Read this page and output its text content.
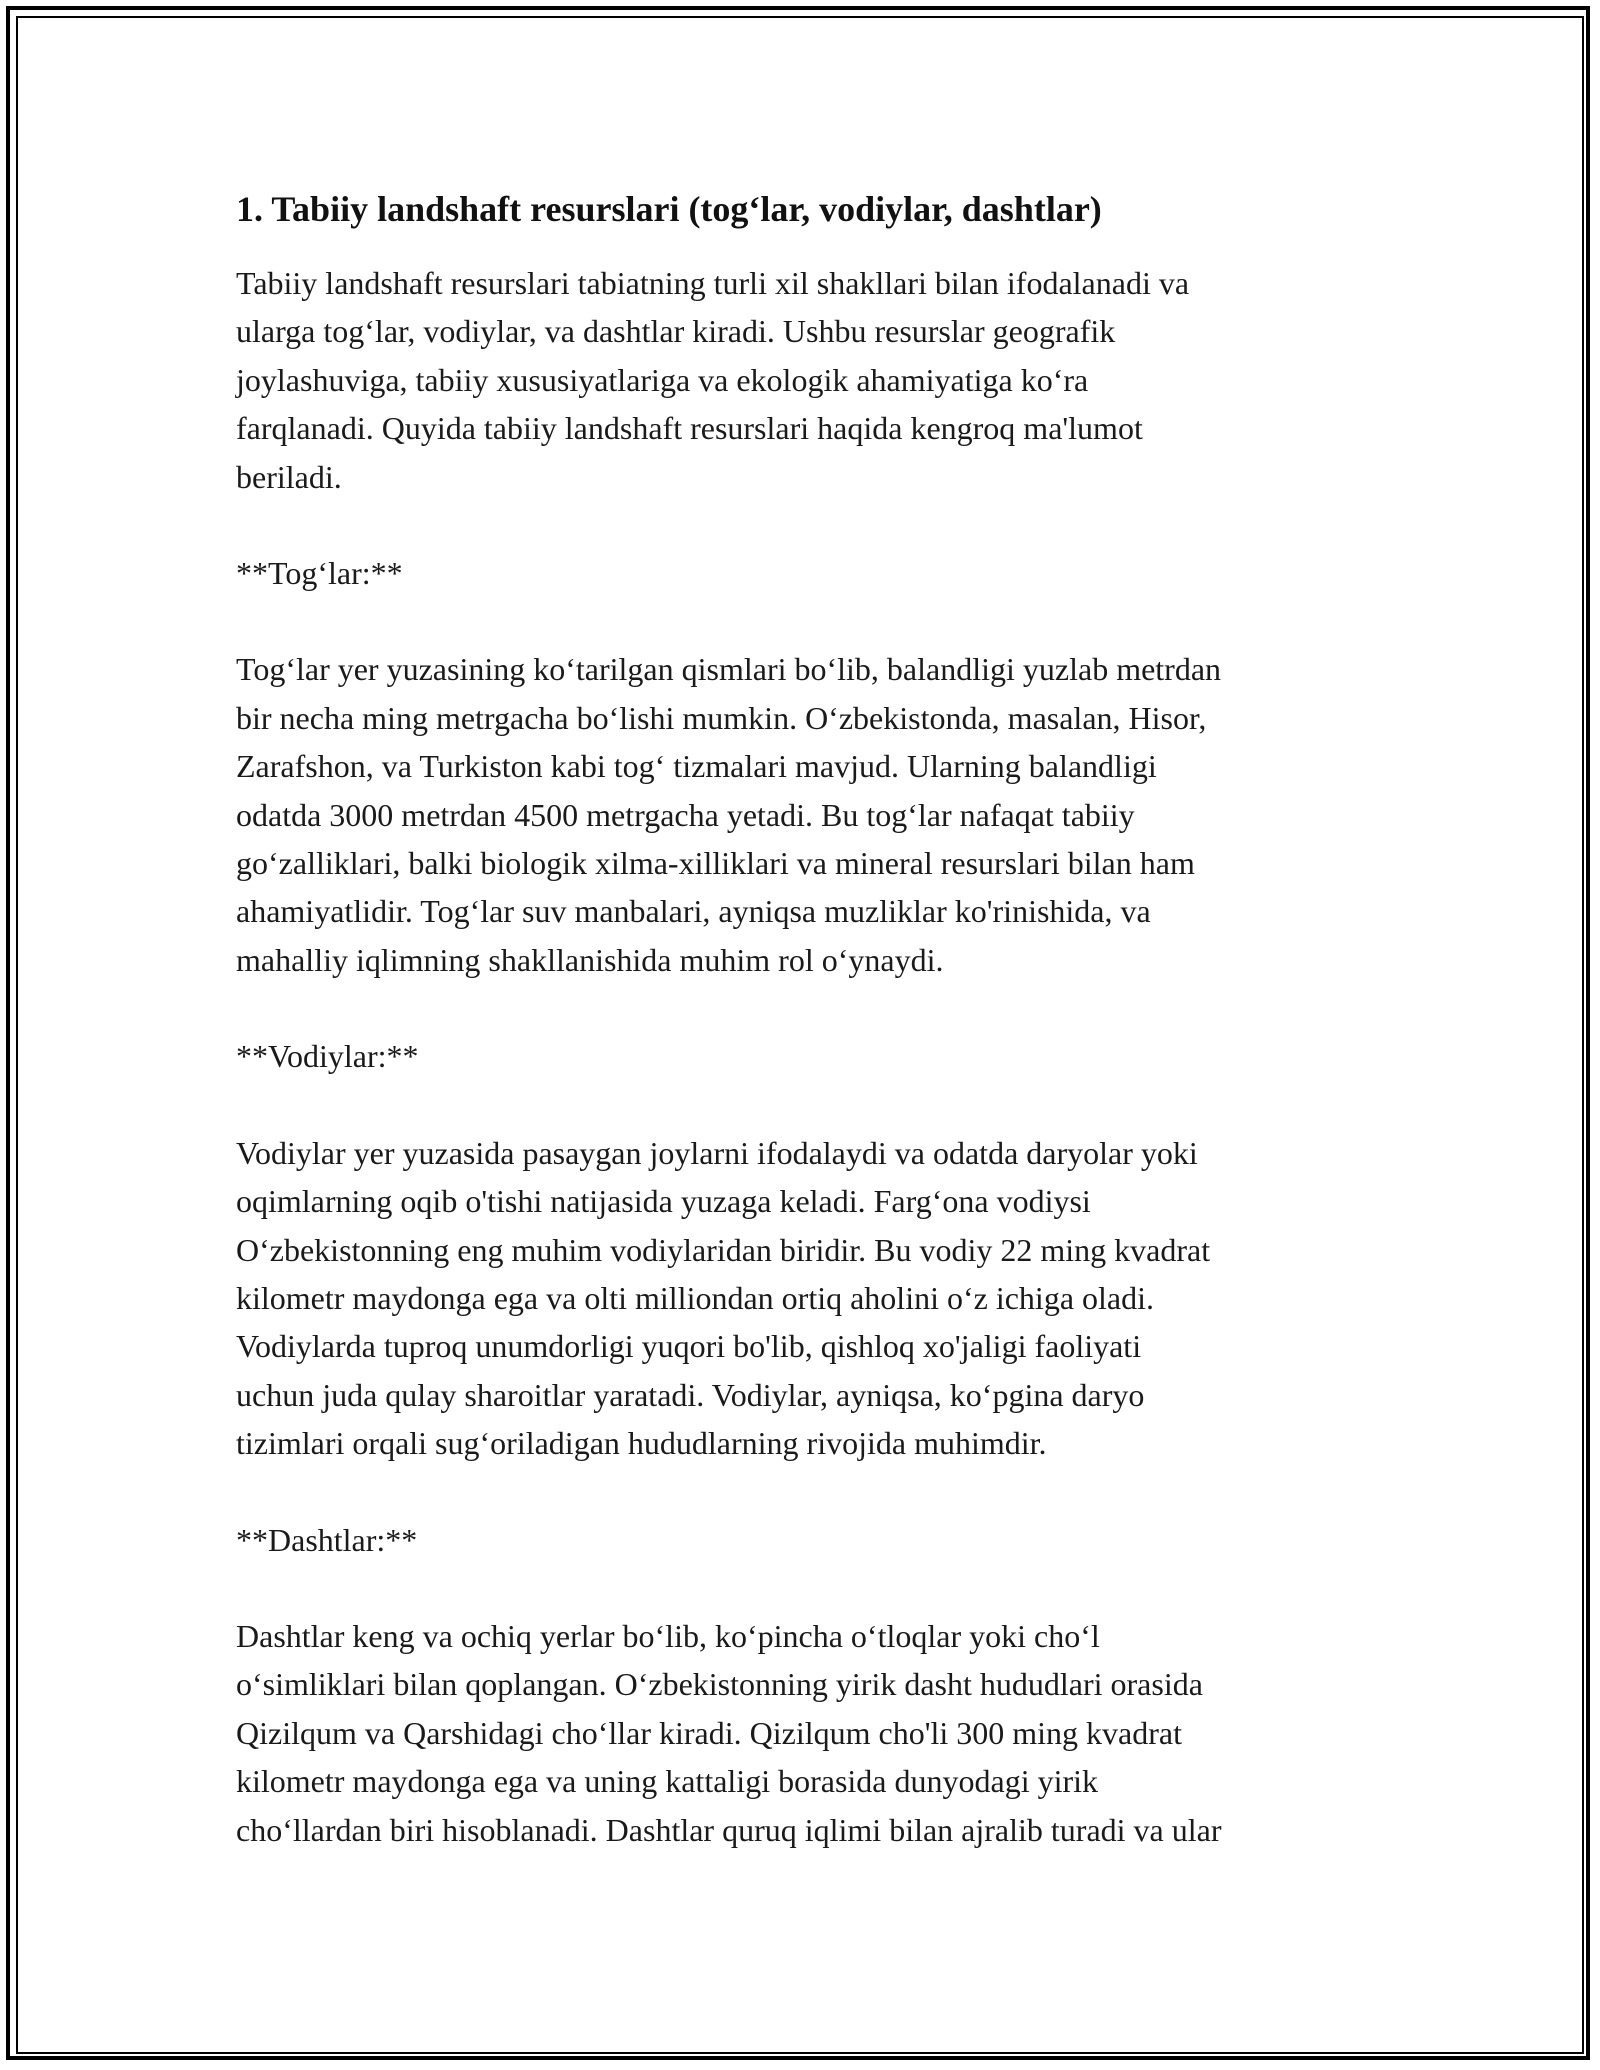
1. Tabiiy landshaft resurslari (tog‘lar, vodiylar, dashtlar)

Tabiiy landshaft resurslari tabiatning turli xil shakllari bilan ifodalanadi va
ularga tog‘lar, vodiylar, va dashtlar kiradi. Ushbu resurslar geografik
joylashuviga, tabiiy xususiyatlariga va ekologik ahamiyatiga ko‘ra
farqlanadi. Quyida tabiiy landshaft resurslari haqida kengroq ma'lumot
beriladi.

**Tog‘lar:**

Tog‘lar yer yuzasining ko‘tarilgan qismlari bo‘lib, balandligi yuzlab metrdan
bir necha ming metrgacha bo‘lishi mumkin. O‘zbekistonda, masalan, Hisor,
Zarafshon, va Turkiston kabi tog‘ tizmalari mavjud. Ularning balandligi
odatda 3000 metrdan 4500 metrgacha yetadi. Bu tog‘lar nafaqat tabiiy
go‘zalliklari, balki biologik xilma-xilliklari va mineral resurslari bilan ham
ahamiyatlidir. Tog‘lar suv manbalari, ayniqsa muzliklar ko'rinishida, va
mahalliy iqlimning shakllanishida muhim rol o‘ynaydi.

**Vodiylar:**

Vodiylar yer yuzasida pasaygan joylarni ifodalaydi va odatda daryolar yoki
oqimlarning oqib o'tishi natijasida yuzaga keladi. Farg‘ona vodiysi
O‘zbekistonning eng muhim vodiylaridan biridir. Bu vodiy 22 ming kvadrat
kilometr maydonga ega va olti milliondan ortiq aholini o‘z ichiga oladi.
Vodiylarda tuproq unumdorligi yuqori bo'lib, qishloq xo'jaligi faoliyati
uchun juda qulay sharoitlar yaratadi. Vodiylar, ayniqsa, ko‘pgina daryo
tizimlari orqali sug‘oriladigan hududlarning rivojida muhimdir.

**Dashtlar:**

Dashtlar keng va ochiq yerlar bo‘lib, ko‘pincha o‘tloqlar yoki cho‘l
o‘simliklari bilan qoplangan. O‘zbekistonning yirik dasht hududlari orasida
Qizilqum va Qarshidagi cho‘llar kiradi. Qizilqum cho'li 300 ming kvadrat
kilometr maydonga ega va uning kattaligi borasida dunyodagi yirik
cho‘llardan biri hisoblanadi. Dashtlar quruq iqlimi bilan ajralib turadi va ular
